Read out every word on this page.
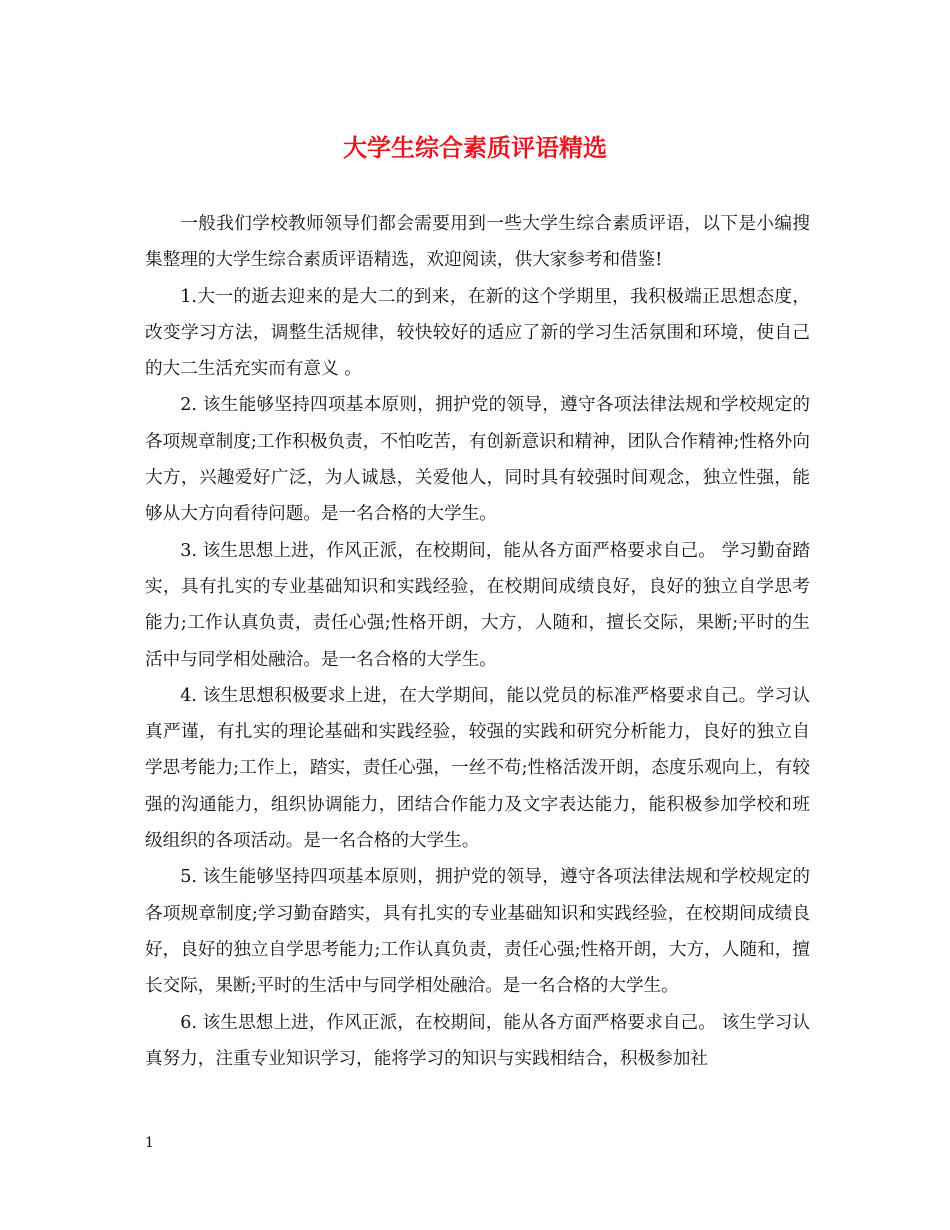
大学生综合素质评语精选

一般我们学校教师领导们都会需要用到一些大学生综合素质评语，以下是小编搜集整理的大学生综合素质评语精选，欢迎阅读，供大家参考和借鉴!

1.大一的逝去迎来的是大二的到来，在新的这个学期里，我积极端正思想态度，改变学习方法，调整生活规律，较快较好的适应了新的学习生活氛围和环境，使自己的大二生活充实而有意义 。

2. 该生能够坚持四项基本原则，拥护党的领导，遵守各项法律法规和学校规定的各项规章制度;工作积极负责，不怕吃苦，有创新意识和精神，团队合作精神;性格外向大方，兴趣爱好广泛，为人诚恳，关爱他人，同时具有较强时间观念，独立性强，能够从大方向看待问题。是一名合格的大学生。

3. 该生思想上进，作风正派，在校期间，能从各方面严格要求自己。 学习勤奋踏实，具有扎实的专业基础知识和实践经验，在校期间成绩良好，良好的独立自学思考能力;工作认真负责，责任心强;性格开朗，大方，人随和，擅长交际，果断;平时的生活中与同学相处融洽。是一名合格的大学生。

4. 该生思想积极要求上进，在大学期间，能以党员的标准严格要求自己。学习认真严谨，有扎实的理论基础和实践经验，较强的实践和研究分析能力，良好的独立自学思考能力;工作上，踏实，责任心强，一丝不苟;性格活泼开朗，态度乐观向上，有较强的沟通能力，组织协调能力，团结合作能力及文字表达能力，能积极参加学校和班级组织的各项活动。是一名合格的大学生。

5. 该生能够坚持四项基本原则，拥护党的领导，遵守各项法律法规和学校规定的各项规章制度;学习勤奋踏实，具有扎实的专业基础知识和实践经验，在校期间成绩良好，良好的独立自学思考能力;工作认真负责，责任心强;性格开朗，大方，人随和，擅长交际，果断;平时的生活中与同学相处融洽。是一名合格的大学生。

6. 该生思想上进，作风正派，在校期间，能从各方面严格要求自己。 该生学习认真努力，注重专业知识学习，能将学习的知识与实践相结合，积极参加社

1
